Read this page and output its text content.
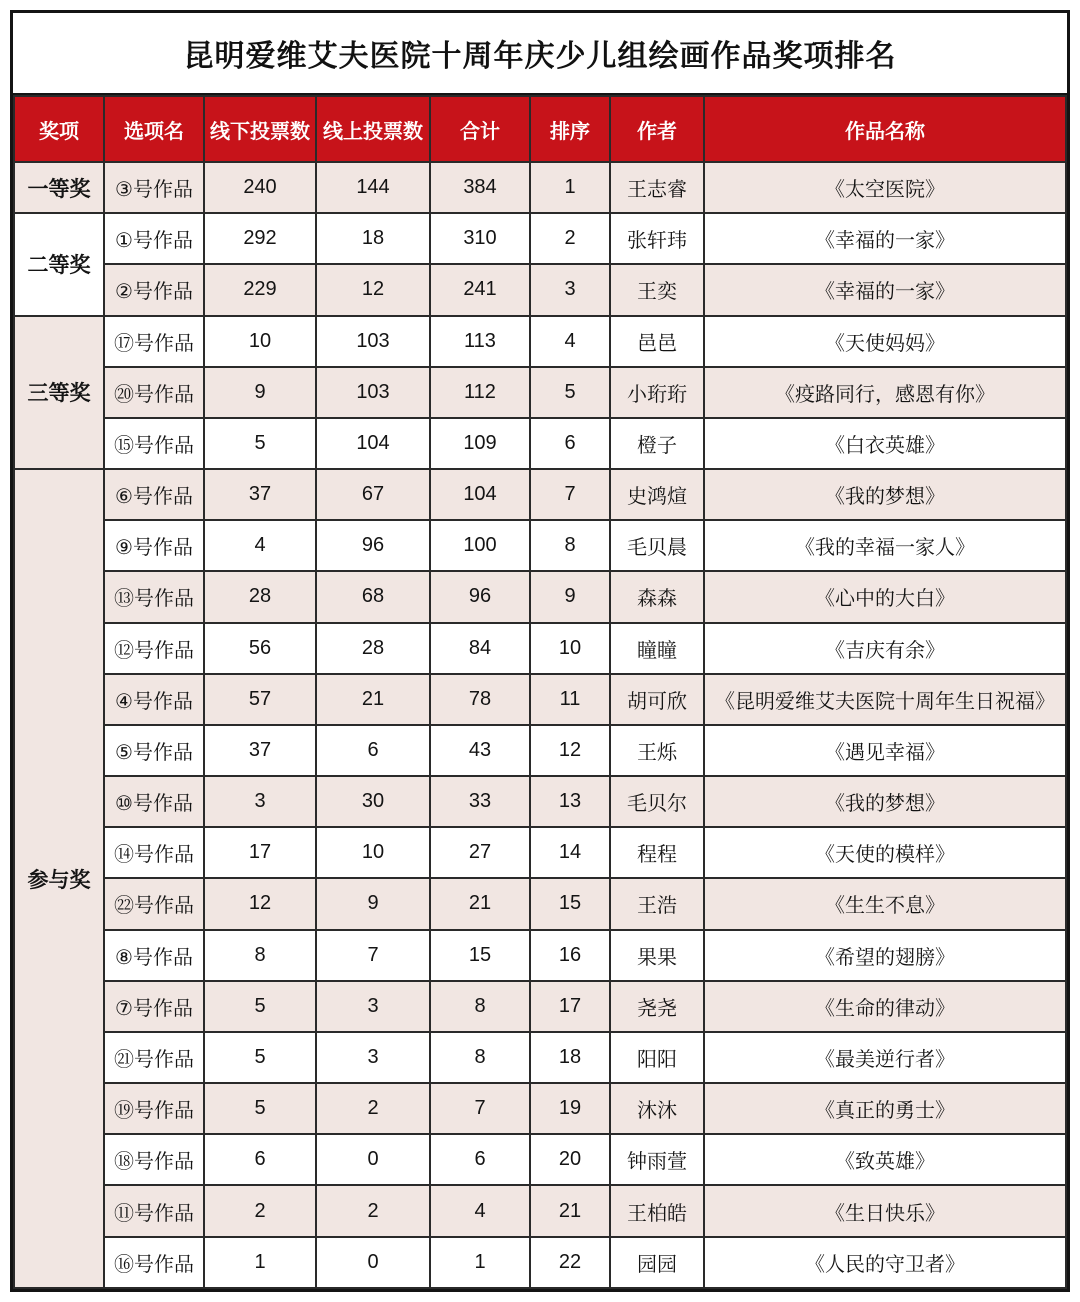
昆明爱维艾夫医院十周年庆少儿组绘画作品奖项排名
奖项	选项名	线下投票数	线上投票数	合计	排序	作者	作品名称
一等奖	③号作品	240	144	384	1	王志睿	《太空医院》
二等奖	①号作品	292	18	310	2	张轩玮	《幸福的一家》
	②号作品	229	12	241	3	王奕	《幸福的一家》
三等奖	⑰号作品	10	103	113	4	邑邑	《天使妈妈》
	⑳号作品	9	103	112	5	小珩珩	《疫路同行，感恩有你》
	⑮号作品	5	104	109	6	橙子	《白衣英雄》
参与奖	⑥号作品	37	67	104	7	史鸿煊	《我的梦想》
	⑨号作品	4	96	100	8	毛贝晨	《我的幸福一家人》
	⑬号作品	28	68	96	9	森森	《心中的大白》
	⑫号作品	56	28	84	10	瞳瞳	《吉庆有余》
	④号作品	57	21	78	11	胡可欣	《昆明爱维艾夫医院十周年生日祝福》
	⑤号作品	37	6	43	12	王烁	《遇见幸福》
	⑩号作品	3	30	33	13	毛贝尔	《我的梦想》
	⑭号作品	17	10	27	14	程程	《天使的模样》
	㉒号作品	12	9	21	15	王浩	《生生不息》
	⑧号作品	8	7	15	16	果果	《希望的翅膀》
	⑦号作品	5	3	8	17	尧尧	《生命的律动》
	㉑号作品	5	3	8	18	阳阳	《最美逆行者》
	⑲号作品	5	2	7	19	沐沐	《真正的勇士》
	⑱号作品	6	0	6	20	钟雨萱	《致英雄》
	⑪号作品	2	2	4	21	王柏皓	《生日快乐》
	⑯号作品	1	0	1	22	园园	《人民的守卫者》
